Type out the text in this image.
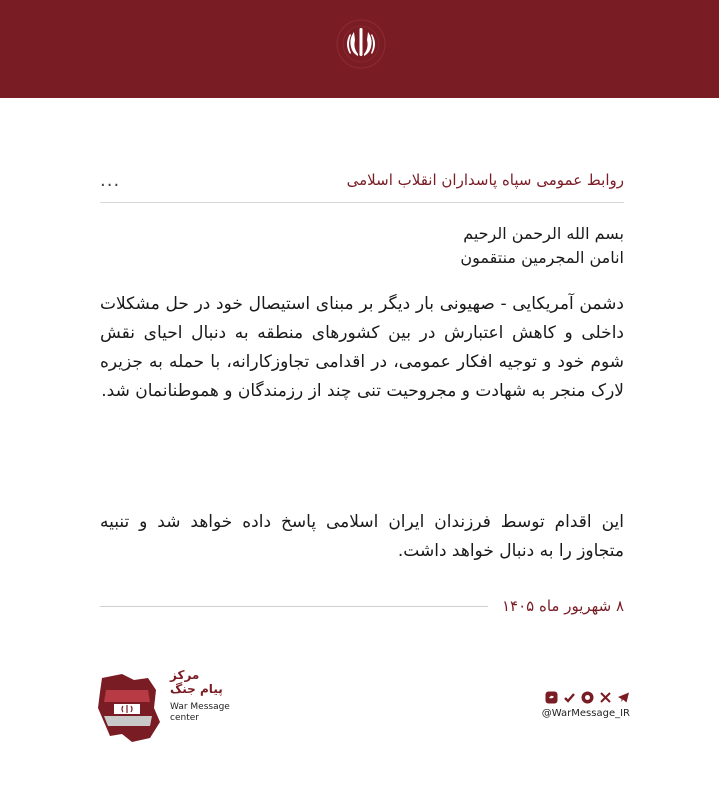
...	روابط عمومی سپاه پاسداران انقلاب اسلامی
بسم الله الرحمن الرحیم
انامن المجرمین منتقمون
دشمن آمریکایی - صهیونی بار دیگر بر مبنای استیصال خود در حل مشکلات داخلی و کاهش اعتبارش در بین کشورهای منطقه به دنبال احیای نقش شوم خود و توجیه افکار عمومی، در اقدامی تجاوزکارانه، با حمله به جزیره لارک منجر به شهادت و مجروحیت تنی چند از رزمندگان و هموطنانمان شد.
این اقدام توسط فرزندان ایران اسلامی پاسخ داده خواهد شد و تنبیه متجاوز را به دنبال خواهد داشت.
۸ شهریور ماه ۱۴۰۵
مرکز
پیام جنگ
War Message
center	@WarMessage_IR
